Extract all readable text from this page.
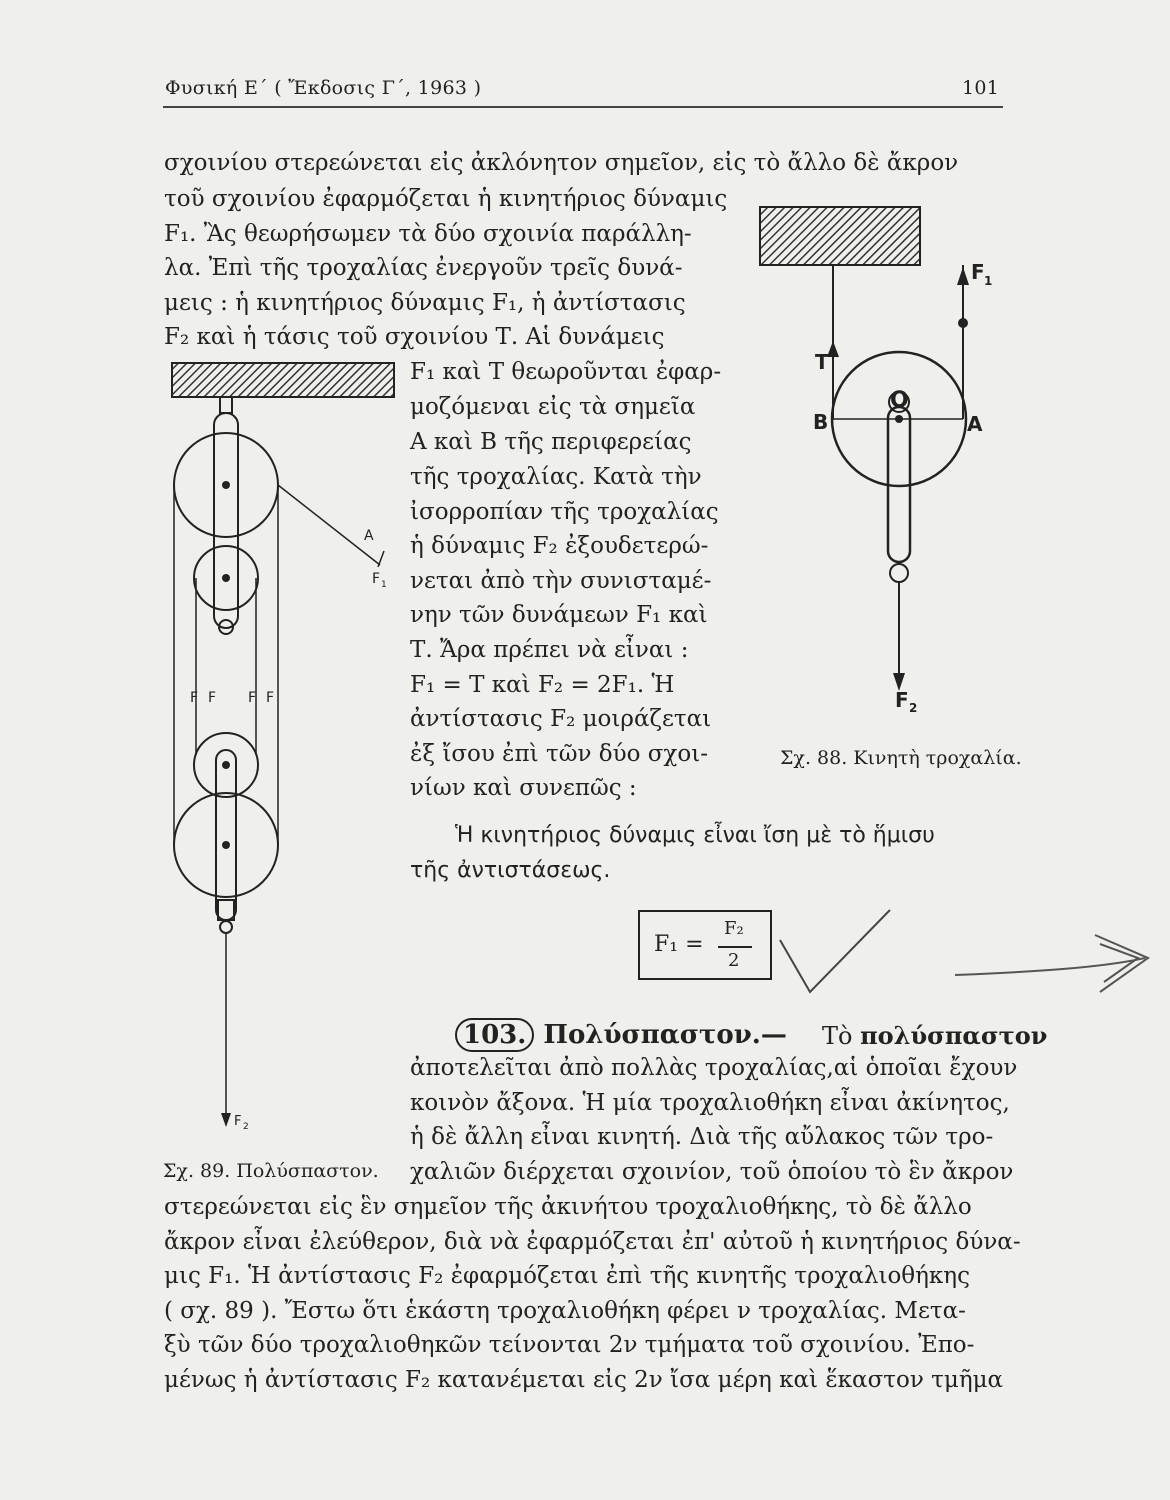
Φυσική Ε΄ ( Ἔκδοσις Γ΄, 1963 )	101
σχοινίου στερεώνεται εἰς ἀκλόνητον σημεῖον, εἰς τὸ ἄλλο δὲ ἄκρον
τοῦ σχοινίου ἐφαρμόζεται ἡ κινητήριος δύναμις
F₁. Ἂς θεωρήσωμεν τὰ δύο σχοινία παράλλη-
λα. Ἐπὶ τῆς τροχαλίας ἐνεργοῦν τρεῖς δυνά-
μεις : ἡ κινητήριος δύναμις F₁, ἡ ἀντίστασις
F₂ καὶ ἡ τάσις τοῦ σχοινίου Τ. Αἱ δυνάμεις
F₁ καὶ Τ θεωροῦνται ἐφαρ-
μοζόμεναι εἰς τὰ σημεῖα
Α καὶ Β τῆς περιφερείας
τῆς τροχαλίας. Κατὰ τὴν
ἰσορροπίαν τῆς τροχαλίας
ἡ δύναμις F₂ ἐξουδετερώ-
νεται ἀπὸ τὴν συνισταμέ-
νην τῶν δυνάμεων F₁ καὶ
Τ. Ἄρα πρέπει νὰ εἶναι :
F₁ = T καὶ F₂ = 2F₁. Ἡ
ἀντίστασις F₂ μοιράζεται
ἐξ ἴσου ἐπὶ τῶν δύο σχοι-
νίων καὶ συνεπῶς :
Ἡ κινητήριος δύναμις εἶναι ἴση μὲ τὸ ἥμισυ
τῆς ἀντιστάσεως.
F₁ =
F₂
2
F 1
T
O
B	A
F 2
Σχ. 88. Κινητὴ τροχαλία.
A
F 1
F F F F
F 2
Σχ. 89. Πολύσπαστον.
103. Πολύσπαστον.— Τὸ πολύσπαστον
ἀποτελεῖται ἀπὸ πολλὰς τροχαλίας,αἱ ὁποῖαι ἔχουν
κοινὸν ἄξονα. Ἡ μία τροχαλιοθήκη εἶναι ἀκίνητος,
ἡ δὲ ἄλλη εἶναι κινητή. Διὰ τῆς αὔλακος τῶν τρο-
χαλιῶν διέρχεται σχοινίον, τοῦ ὁποίου τὸ ἓν ἄκρον
στερεώνεται εἰς ἓν σημεῖον τῆς ἀκινήτου τροχαλιοθήκης, τὸ δὲ ἄλλο
ἄκρον εἶναι ἐλεύθερον, διὰ νὰ ἐφαρμόζεται ἐπ' αὐτοῦ ἡ κινητήριος δύνα-
μις F₁. Ἡ ἀντίστασις F₂ ἐφαρμόζεται ἐπὶ τῆς κινητῆς τροχαλιοθήκης
( σχ. 89 ). Ἔστω ὅτι ἑκάστη τροχαλιοθήκη φέρει ν τροχαλίας. Μετα-
ξὺ τῶν δύο τροχαλιοθηκῶν τείνονται 2ν τμήματα τοῦ σχοινίου. Ἐπο-
μένως ἡ ἀντίστασις F₂ κατανέμεται εἰς 2ν ἴσα μέρη καὶ ἕκαστον τμῆμα
